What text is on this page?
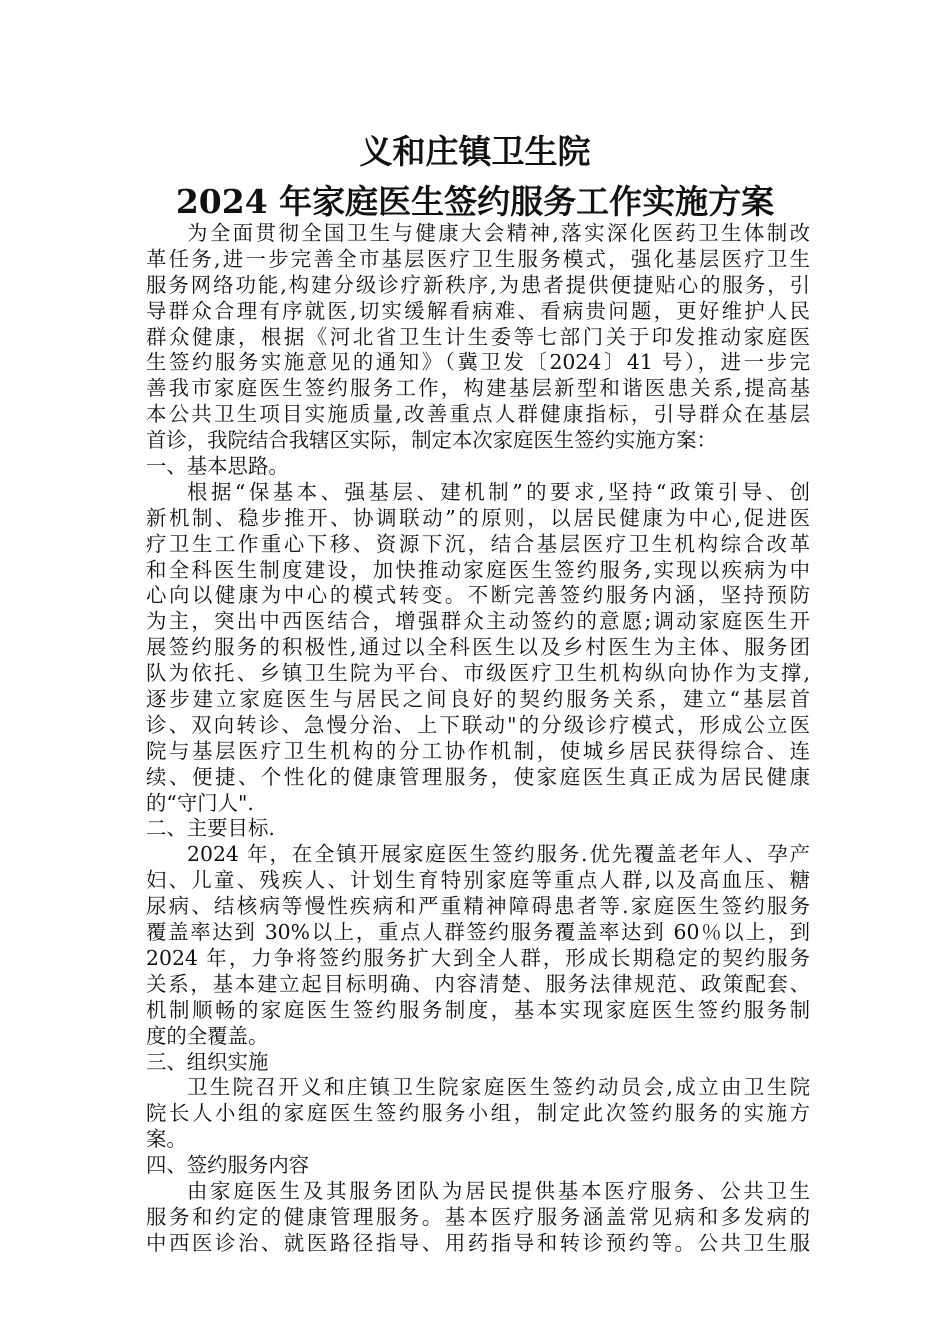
义和庄镇卫生院
2024 年家庭医生签约服务工作实施方案
为全面贯彻全国卫生与健康大会精神,落实深化医药卫生体制改
革任务,进一步完善全市基层医疗卫生服务模式，强化基层医疗卫生
服务网络功能,构建分级诊疗新秩序,为患者提供便捷贴心的服务，引
导群众合理有序就医,切实缓解看病难、看病贵问题，更好维护人民
群众健康，根据《河北省卫生计生委等七部门关于印发推动家庭医
生签约服务实施意见的通知》（冀卫发〔2024〕41 号），进一步完
善我市家庭医生签约服务工作，构建基层新型和谐医患关系,提高基
本公共卫生项目实施质量,改善重点人群健康指标，引导群众在基层
首诊，我院结合我辖区实际，制定本次家庭医生签约实施方案：
一、基本思路。
根据“保基本、强基层、建机制”的要求,坚持“政策引导、创
新机制、稳步推开、协调联动”的原则，以居民健康为中心,促进医
疗卫生工作重心下移、资源下沉，结合基层医疗卫生机构综合改革
和全科医生制度建设，加快推动家庭医生签约服务,实现以疾病为中
心向以健康为中心的模式转变。不断完善签约服务内涵，坚持预防
为主，突出中西医结合，增强群众主动签约的意愿;调动家庭医生开
展签约服务的积极性,通过以全科医生以及乡村医生为主体、服务团
队为依托、乡镇卫生院为平台、市级医疗卫生机构纵向协作为支撑,
逐步建立家庭医生与居民之间良好的契约服务关系，建立“基层首
诊、双向转诊、急慢分治、上下联动"的分级诊疗模式，形成公立医
院与基层医疗卫生机构的分工协作机制，使城乡居民获得综合、连
续、便捷、个性化的健康管理服务，使家庭医生真正成为居民健康
的“守门人".
二、主要目标.
2024 年，在全镇开展家庭医生签约服务.优先覆盖老年人、孕产
妇、儿童、残疾人、计划生育特别家庭等重点人群,以及高血压、糖
尿病、结核病等慢性疾病和严重精神障碍患者等.家庭医生签约服务
覆盖率达到 30%以上，重点人群签约服务覆盖率达到 60％以上，到
2024 年，力争将签约服务扩大到全人群，形成长期稳定的契约服务
关系，基本建立起目标明确、内容清楚、服务法律规范、政策配套、
机制顺畅的家庭医生签约服务制度，基本实现家庭医生签约服务制
度的全覆盖。
三、组织实施
卫生院召开义和庄镇卫生院家庭医生签约动员会,成立由卫生院
院长人小组的家庭医生签约服务小组，制定此次签约服务的实施方
案。
四、签约服务内容
由家庭医生及其服务团队为居民提供基本医疗服务、公共卫生
服务和约定的健康管理服务。基本医疗服务涵盖常见病和多发病的
中西医诊治、就医路径指导、用药指导和转诊预约等。公共卫生服
